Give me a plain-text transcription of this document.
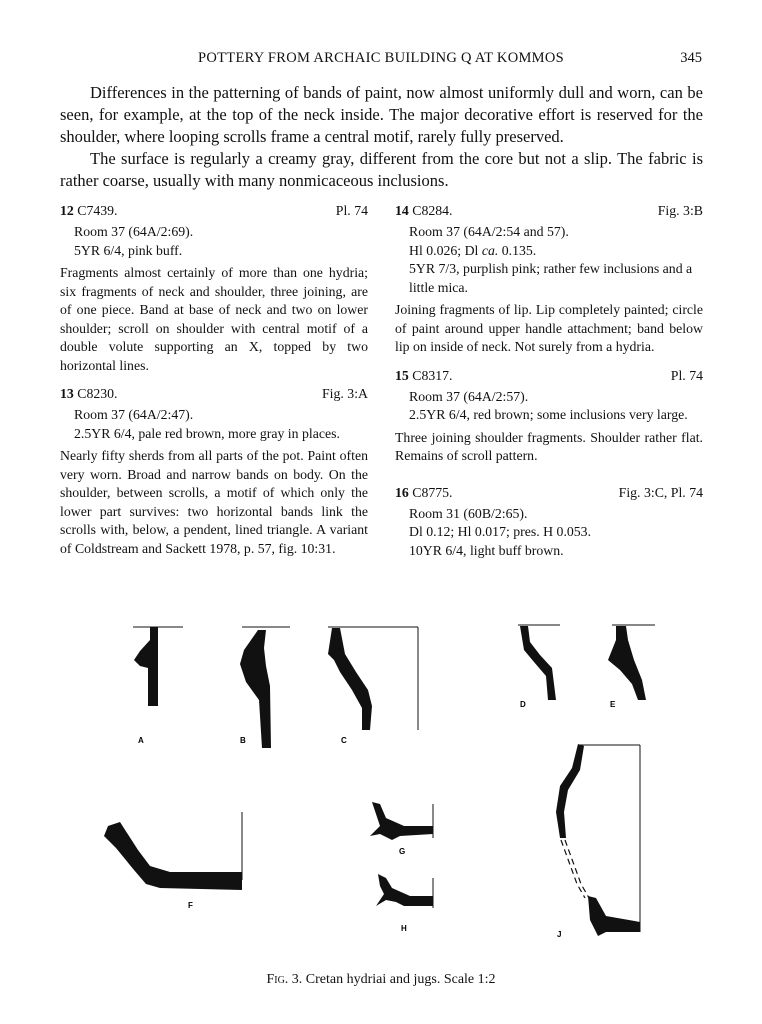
POTTERY FROM ARCHAIC BUILDING Q AT KOMMOS	345

Differences in the patterning of bands of paint, now almost uniformly dull and worn, can be seen, for example, at the top of the neck inside. The major decorative effort is reserved for the shoulder, where looping scrolls frame a central motif, rarely fully preserved.

The surface is regularly a creamy gray, different from the core but not a slip. The fabric is rather coarse, usually with many nonmicaceous inclusions.

12 C7439.	Pl. 74
Room 37 (64A/2:69).
5YR 6/4, pink buff.
Fragments almost certainly of more than one hydria; six fragments of neck and shoulder, three joining, are of one piece. Band at base of neck and two on lower shoulder; scroll on shoulder with central motif of a double volute supporting an X, topped by two horizontal lines.
13 C8230.	Fig. 3:A
Room 37 (64A/2:47).
2.5YR 6/4, pale red brown, more gray in places.
Nearly fifty sherds from all parts of the pot. Paint often very worn. Broad and narrow bands on body. On the shoulder, between scrolls, a motif of which only the lower part survives: two horizontal bands link the scrolls with, below, a pendent, lined triangle. A variant of Coldstream and Sackett 1978, p. 57, fig. 10:31.
14 C8284.	Fig. 3:B
Room 37 (64A/2:54 and 57).
Hl 0.026; Dl ca. 0.135.
5YR 7/3, purplish pink; rather few inclusions and a little mica.
Joining fragments of lip. Lip completely painted; circle of paint around upper handle attachment; band below lip on inside of neck. Not surely from a hydria.
15 C8317.	Pl. 74
Room 37 (64A/2:57).
2.5YR 6/4, red brown; some inclusions very large.
Three joining shoulder fragments. Shoulder rather flat. Remains of scroll pattern.
16 C8775.	Fig. 3:C, Pl. 74
Room 31 (60B/2:65).
Dl 0.12; Hl 0.017; pres. H 0.053.
10YR 6/4, light buff brown.
A	B	C
D	E
F
G
H
J
Fig. 3. Cretan hydriai and jugs. Scale 1:2
